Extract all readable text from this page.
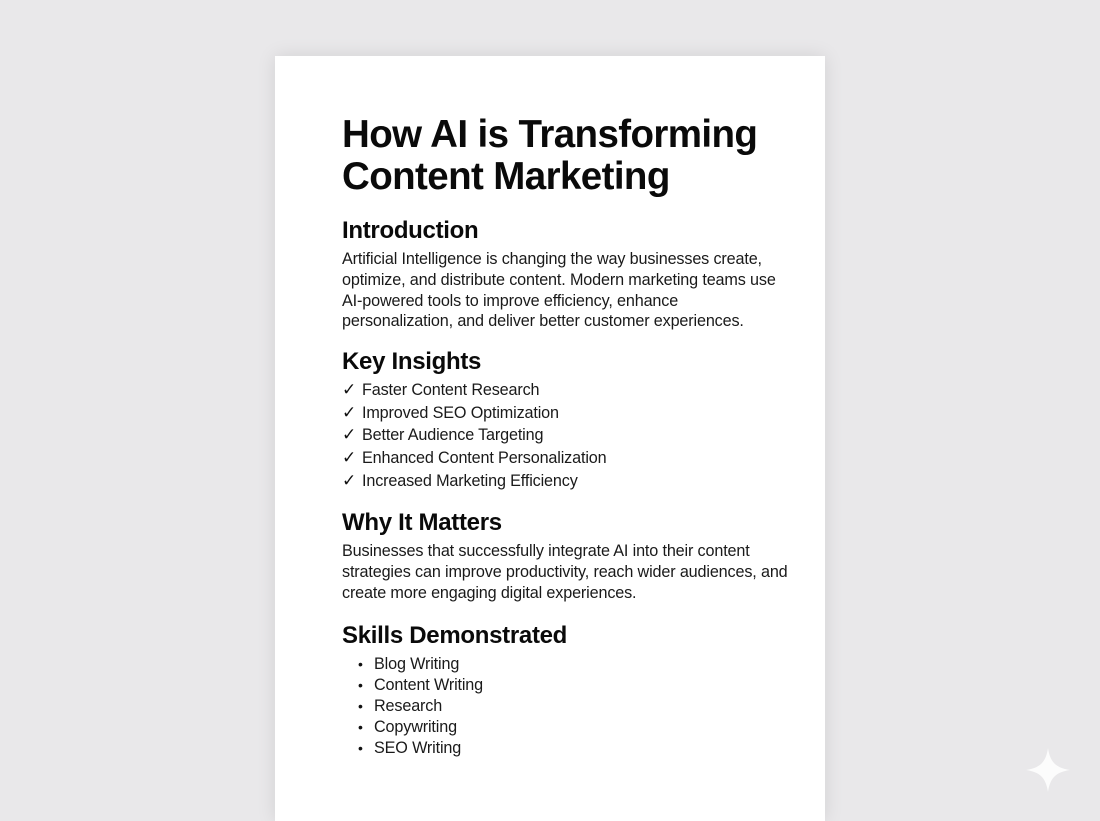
How AI is Transforming Content Marketing
Introduction

Artificial Intelligence is changing the way businesses create, optimize, and distribute content. Modern marketing teams use AI-powered tools to improve efficiency, enhance personalization, and deliver better customer experiences.

Key Insights
✓ Faster Content Research
✓ Improved SEO Optimization
✓ Better Audience Targeting
✓ Enhanced Content Personalization
✓ Increased Marketing Efficiency
Why It Matters

Businesses that successfully integrate AI into their content strategies can improve productivity, reach wider audiences, and create more engaging digital experiences.

Skills Demonstrated
• Blog Writing
• Content Writing
• Research
• Copywriting
• SEO Writing
